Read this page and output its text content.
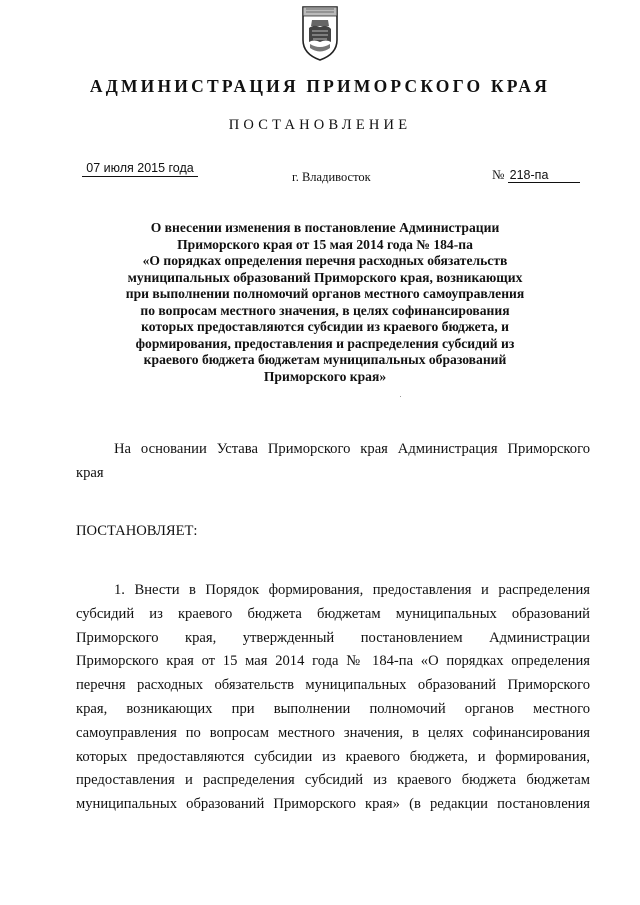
АДМИНИСТРАЦИЯ ПРИМОРСКОГО КРАЯ
ПОСТАНОВЛЕНИЕ
07 июля 2015 года
г. Владивосток	№ 218-па
О внесении изменения в постановление Администрации
Приморского края от 15 мая 2014 года № 184-па
«О порядках определения перечня расходных обязательств
муниципальных образований Приморского края, возникающих
при выполнении полномочий органов местного самоуправления
по вопросам местного значения, в целях софинансирования
которых предоставляются субсидии из краевого бюджета, и
формирования, предоставления и распределения субсидий из
краевого бюджета бюджетам муниципальных образований
Приморского края»
На основании Устава Приморского края Администрация Приморского
края
ПОСТАНОВЛЯЕТ:
1. Внести в Порядок формирования, предоставления и распределения
субсидий из краевого бюджета бюджетам муниципальных образований
Приморского края, утвержденный постановлением Администрации
Приморского края от 15 мая 2014 года № 184-па «О порядках определения
перечня расходных обязательств муниципальных образований Приморского
края, возникающих при выполнении полномочий органов местного
самоуправления по вопросам местного значения, в целях софинансирования
которых предоставляются субсидии из краевого бюджета, и формирования,
предоставления и распределения субсидий из краевого бюджета бюджетам
муниципальных образований Приморского края» (в редакции постановления
